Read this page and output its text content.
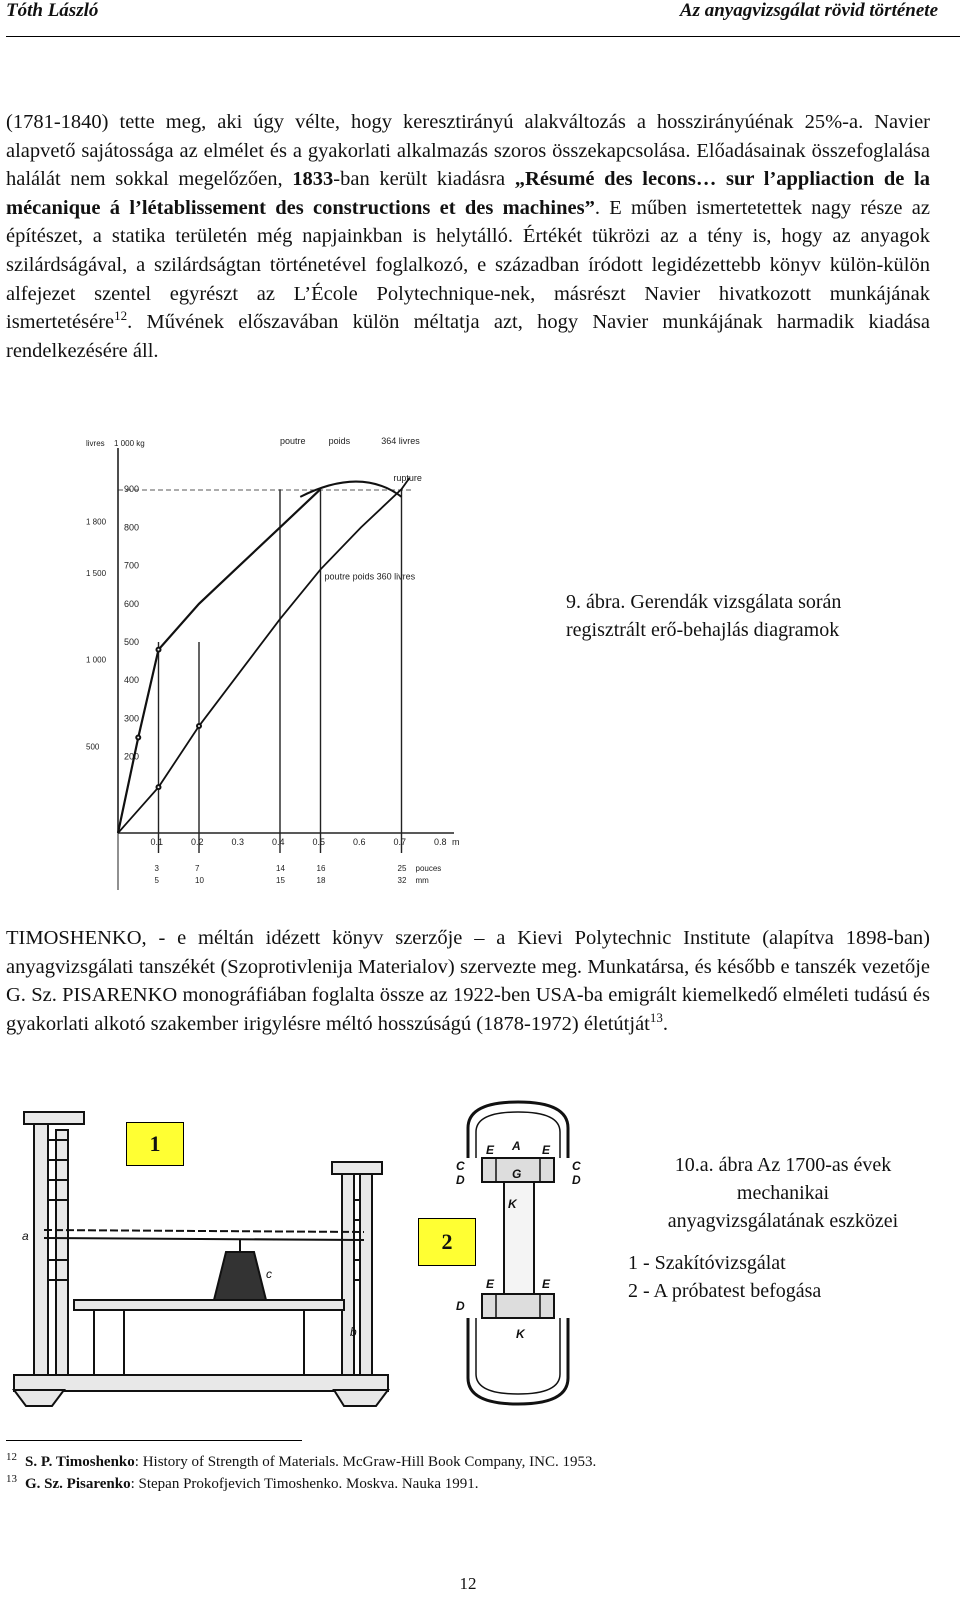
Tóth László	Az anyagvizsgálat rövid története
(1781-1840) tette meg, aki úgy vélte, hogy keresztirányú alakváltozás a hosszirányúénak 25%-a. Navier alapvető sajátossága az elmélet és a gyakorlati alkalmazás szoros összekapcsolása. Előadásainak összefoglalása halálát nem sokkal megelőzően, 1833-ban került kiadásra „Résumé des lecons… sur l’appliaction de la mécanique á l’létablissement des constructions et des machines”. E műben ismertetettek nagy része az építészet, a statika területén még napjainkban is helytálló. Értékét tükrözi az a tény is, hogy az anyagok szilárdságával, a szilárdságtan történetével foglalkozó, e században íródott legidézettebb könyv külön-külön alfejezet szentel egyrészt az L’École Polytechnique-nek, másrészt Navier hivatkozott munkájának ismertetésére$^{12}$. Művének előszavában külön méltatja azt, hogy Navier munkájának harmadik kiadása rendelkezésére áll.
0.1	0.2	0.3	0.4	0.5	0.6	0.7	0.8 m
3	7	14	16	25 pouces
5	10	15	18	32 mm
200
300
400
500
600
700
800
900
500
1 000
1 500
1 800
livres 1 000 kg	poutre	poids	364 livres
rupture
poutre poids 360 livres
9. ábra. Gerendák vizsgálata során
regisztrált erő-behajlás diagramok
TIMOSHENKO, - e méltán idézett könyv szerzője – a Kievi Polytechnic Institute (alapítva 1898-ban) anyagvizsgálati tanszékét (Szoprotivlenija Materialov) szervezte meg. Munkatársa, és később e tanszék vezetője G. Sz. PISARENKO monográfiában foglalta össze az 1922-ben USA-ba emigrált kiemelkedő elméleti tudású és gyakorlati alkotó szakember irigylésre méltó hosszúságú (1878-1972) életútját$^{13}$.
c
a
b
1	A
C	C
D	D
E	E
G
K
E	E
D
K
2
10.a. ábra Az 1700-as évek
mechanikai
anyagvizsgálatának eszközei
1 - Szakítóvizsgálat
2 - A próbatest befogása
$^{12}$ S. P. Timoshenko: History of Strength of Materials. McGraw-Hill Book Company, INC. 1953.
$^{13}$ G. Sz. Pisarenko: Stepan Prokofjevich Timoshenko. Moskva. Nauka 1991.
12
